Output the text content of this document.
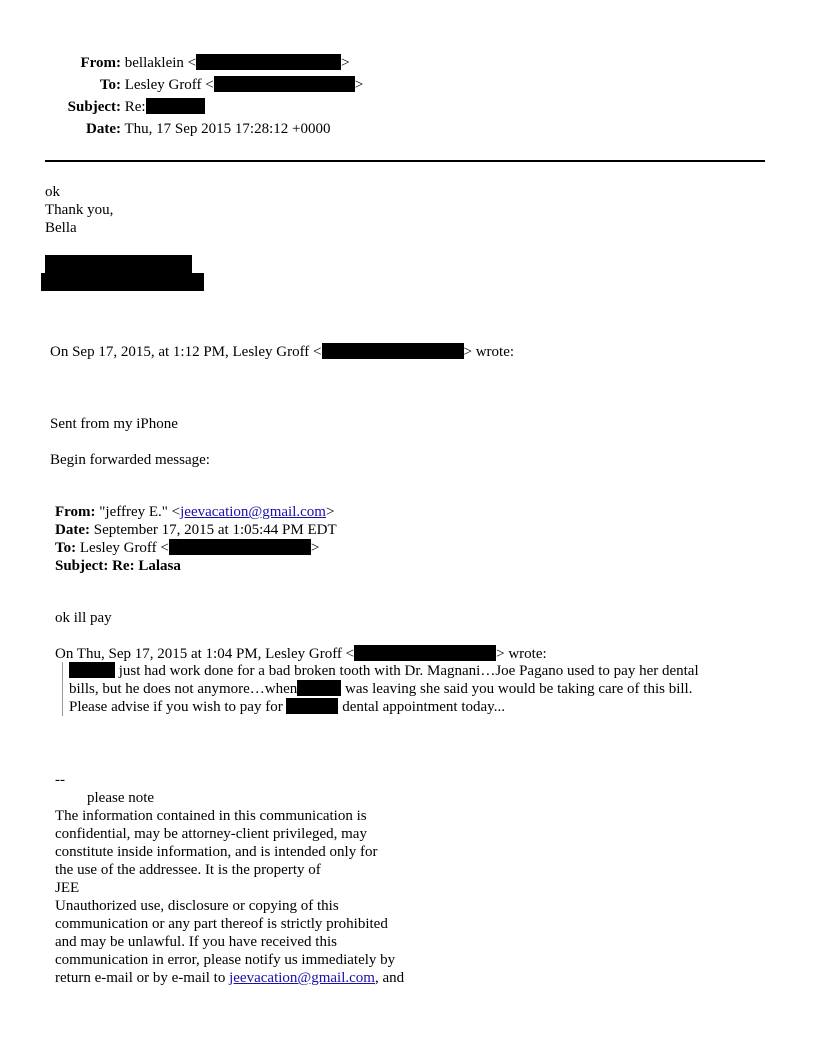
From: bellaklein <	>
To: Lesley Groff <	>
Subject: Re:
Date: Thu, 17 Sep 2015 17:28:12 +0000
ok
Thank you,
Bella
On Sep 17, 2015, at 1:12 PM, Lesley Groff <	> wrote:
Sent from my iPhone
Begin forwarded message:
From: "jeffrey E." <jeevacation@gmail.com>
Date: September 17, 2015 at 1:05:44 PM EDT
To: Lesley Groff <	>
Subject: Re: Lalasa
ok ill pay
On Thu, Sep 17, 2015 at 1:04 PM, Lesley Groff <	> wrote:
just had work done for a bad broken tooth with Dr. Magnani…Joe Pagano used to pay her dental
bills, but he does not anymore…when	was leaving she said you would be taking care of this bill.
Please advise if you wish to pay for	dental appointment today...
--
please note
The information contained in this communication is
confidential, may be attorney-client privileged, may
constitute inside information, and is intended only for
the use of the addressee. It is the property of
JEE
Unauthorized use, disclosure or copying of this
communication or any part thereof is strictly prohibited
and may be unlawful. If you have received this
communication in error, please notify us immediately by
return e-mail or by e-mail to jeevacation@gmail.com, and
